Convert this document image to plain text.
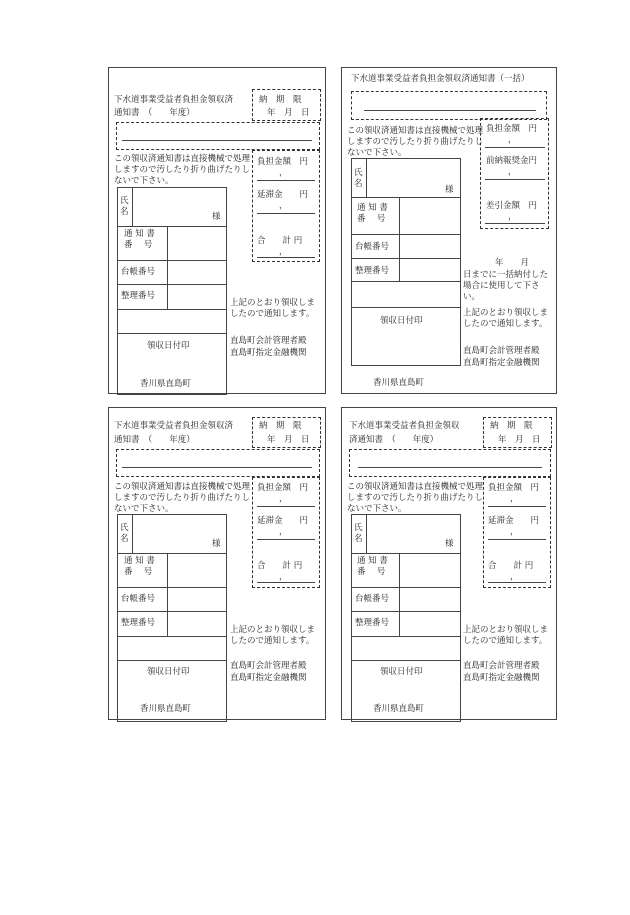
下水道事業受益者負担金領収済
通知書　（　　年度）
納　期　限
年　月　日
この領収済通知書は直接機械で処理しますので汚したり折り曲げたりしないで下さい。
負担金額　円
，
延滞金　　円
，
合　　計 円
，
氏
名	様
通 知 書
番　 号
台帳番号
整理番号
領収日付印
上記のとおり領収しましたので通知します。
直島町会計管理者殿
直島町指定金融機関
香川県直島町
下水道事業受益者負担金領収済通知書（一括）
この領収済通知書は直接機械で処理しますので汚したり折り曲げたりしないで下さい。
負担金額　円
，
前納報奨金円
，
差引金額　円
，
氏
名
様
通 知 書
番　 号
台帳番号
整理番号
領収日付印
年　　月
日までに一括納付した場合に使用して下さい。
上記のとおり領収しましたので通知します。
直島町会計管理者殿
直島町指定金融機関
香川県直島町
下水道事業受益者負担金領収済
通知書　（　　年度）
納　期　限
年　月　日
この領収済通知書は直接機械で処理しますので汚したり折り曲げたりしないで下さい。
負担金額　円
，
延滞金　　円
，
合　　計 円
，
氏
名	様
通 知 書
番　 号
台帳番号
整理番号
領収日付印
上記のとおり領収しましたので通知します。
直島町会計管理者殿
直島町指定金融機関
香川県直島町
下水道事業受益者負担金領収
済通知書　（　　年度）
納　期　限
年　月　日
この領収済通知書は直接機械で処理しますので汚したり折り曲げたりしないで下さい。
負担金額　円
，
延滞金　　円
，
合　　計 円
，
氏
名	様
通 知 書
番　 号
台帳番号
整理番号
領収日付印
上記のとおり領収しましたので通知します。
直島町会計管理者殿
直島町指定金融機関
香川県直島町
